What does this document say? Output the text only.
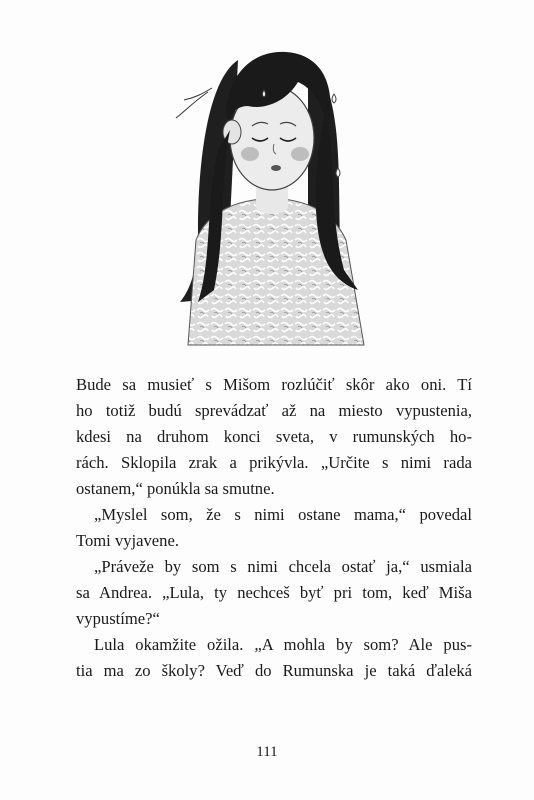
Bude sa musieť s Mišom rozlúčiť skôr ako oni. Tí
ho totiž budú sprevádzať až na miesto vypustenia,
kdesi na druhom konci sveta, v rumunských ho-
rách. Sklopila zrak a prikývla. „Určite s nimi rada
ostanem,“ ponúkla sa smutne.
„Myslel som, že s nimi ostane mama,“ povedal
Tomi vyjavene.
„Práveže by som s nimi chcela ostať ja,“ usmiala
sa Andrea. „Lula, ty nechceš byť pri tom, keď Miša
vypustíme?“
Lula okamžite ožila. „A mohla by som? Ale pus-
tia ma zo školy? Veď do Rumunska je taká ďaleká
111
